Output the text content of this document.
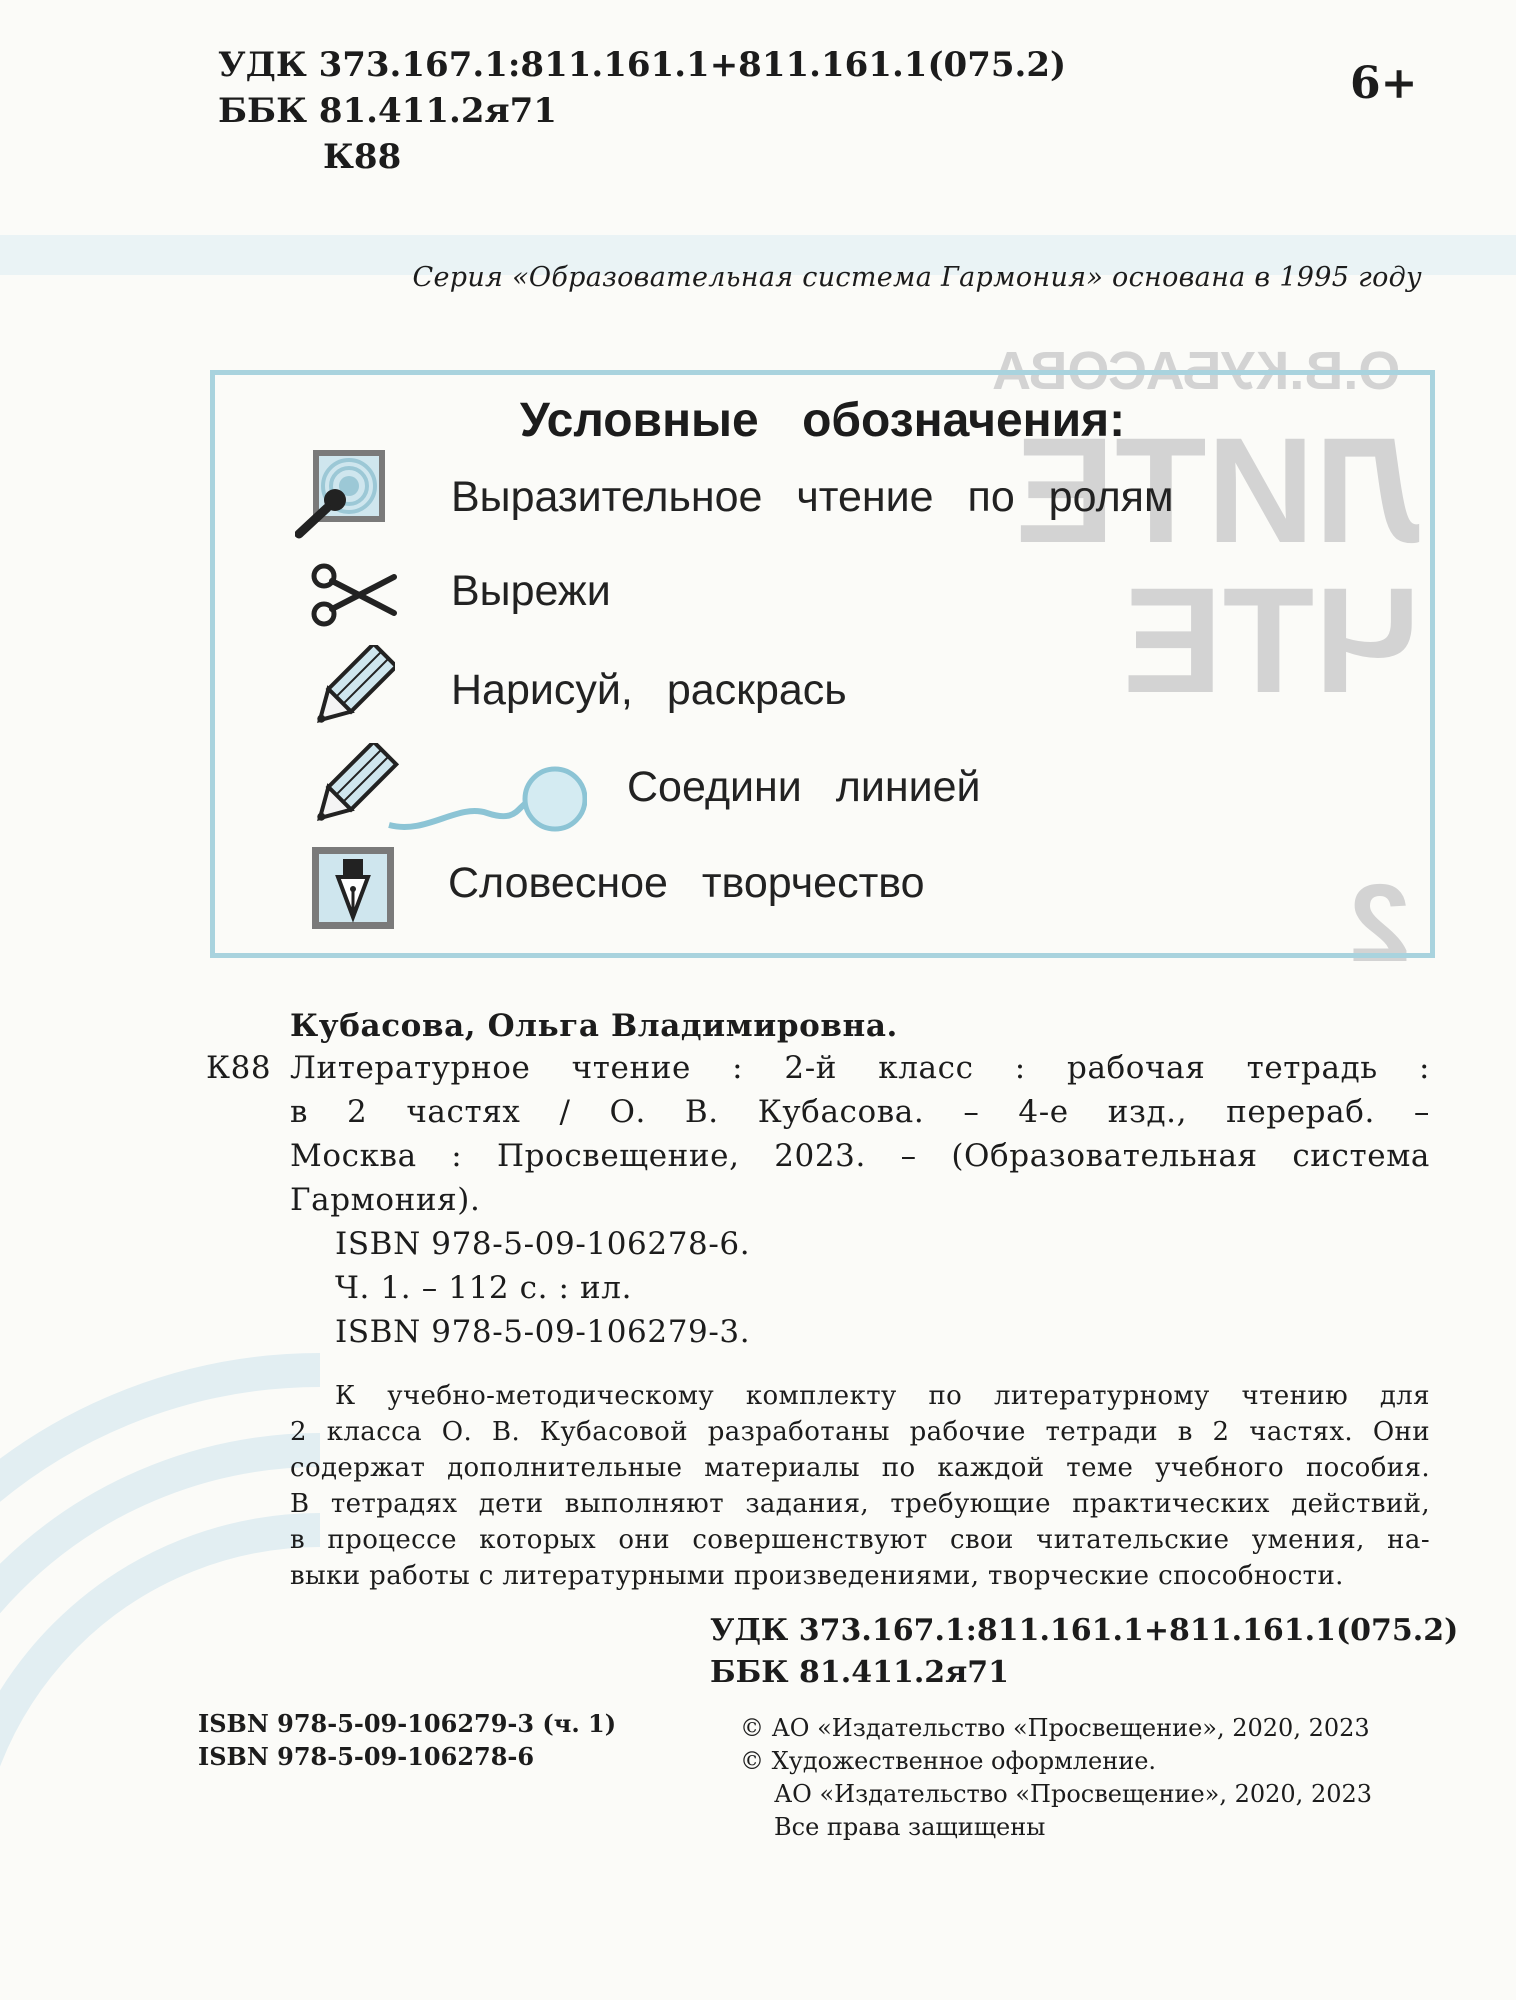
О.В.КУБАСОВА
ЛИТЕ
ЧТЕ
2
УДК 373.167.1:811.161.1+811.161.1(075.2)
ББК 81.411.2я71
К88
6+
Серия «Образовательная система Гармония» основана в 1995 году
Условные обозначения:
Выразительное чтение по ролям
Вырежи
Нарисуй, раскрась
Соедини линией
Словесное творчество
Кубасова, Ольга Владимировна.
К88 Литературное чтение : 2-й класс : рабочая тетрадь :
в 2 частях / О. В. Кубасова. – 4-е изд., перераб. –
Москва : Просвещение, 2023. – (Образовательная система
Гармония).
ISBN 978-5-09-106278-6.
Ч. 1. – 112 с. : ил.
ISBN 978-5-09-106279-3.
К учебно-методическому комплекту по литературному чтению для
2 класса О. В. Кубасовой разработаны рабочие тетради в 2 частях. Они
содержат дополнительные материалы по каждой теме учебного пособия.
В тетрадях дети выполняют задания, требующие практических действий,
в процессе которых они совершенствуют свои читательские умения, на-
выки работы с литературными произведениями, творческие способности.
УДК 373.167.1:811.161.1+811.161.1(075.2)
ББК 81.411.2я71
ISBN 978-5-09-106279-3 (ч. 1)
ISBN 978-5-09-106278-6
© АО «Издательство «Просвещение», 2020, 2023
© Художественное оформление.
АО «Издательство «Просвещение», 2020, 2023
Все права защищены
